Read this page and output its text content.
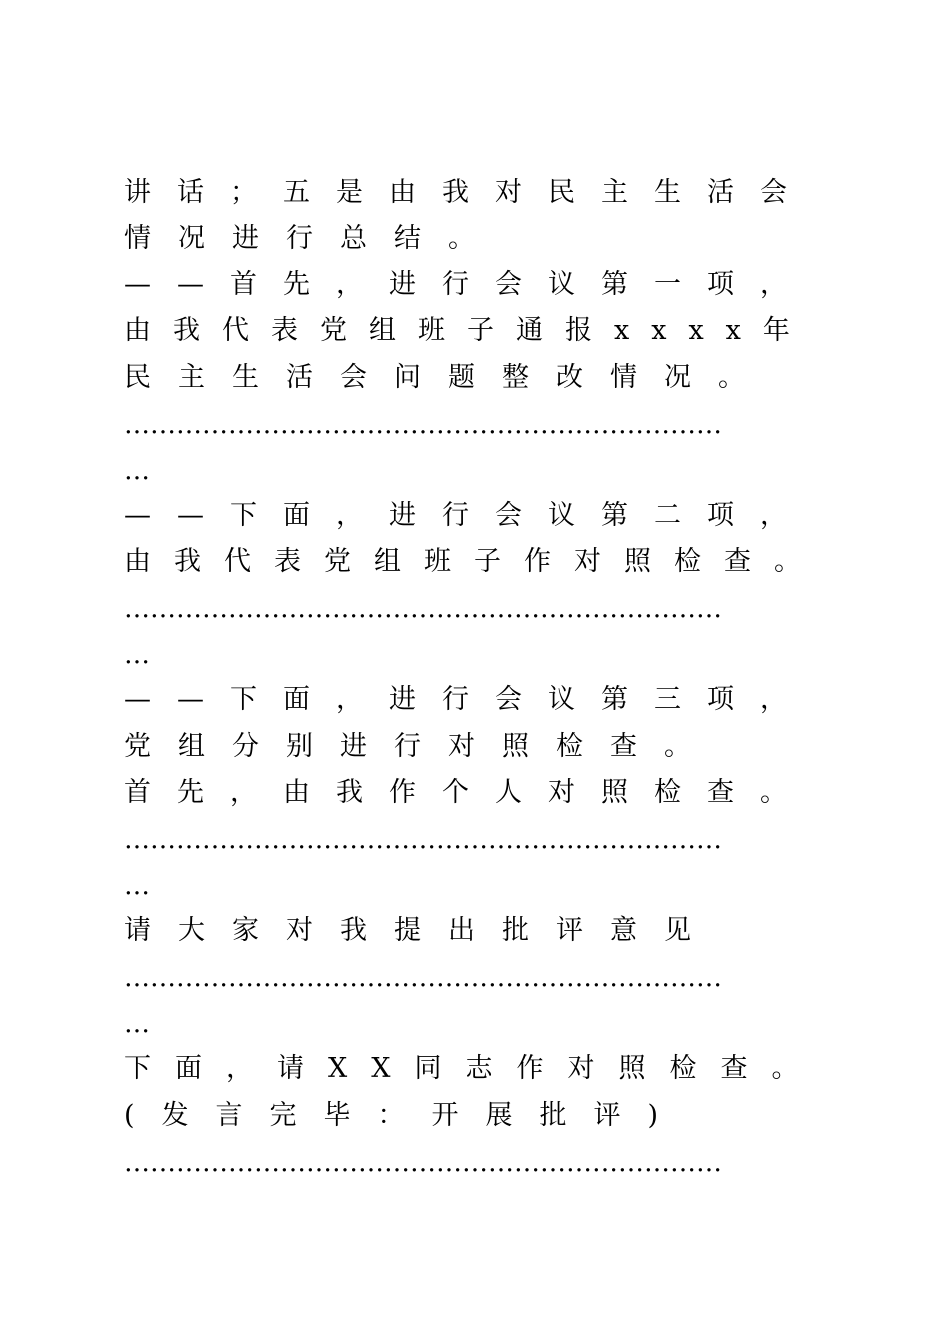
讲话；五是由我对民主生活会
情况进行总结。
——首先，进行会议第一项，
由我代表党组班子通报xxxx年
民主生活会问题整改情况。
……………………………………………………………
…
——下面，进行会议第二项，
由我代表党组班子作对照检查。
……………………………………………………………
…
——下面，进行会议第三项，
党组分别进行对照检查。
首先，由我作个人对照检查。
……………………………………………………………
…
请大家对我提出批评意见
……………………………………………………………
…
下面，请XX同志作对照检查。
(发言完毕：开展批评)
……………………………………………………………
